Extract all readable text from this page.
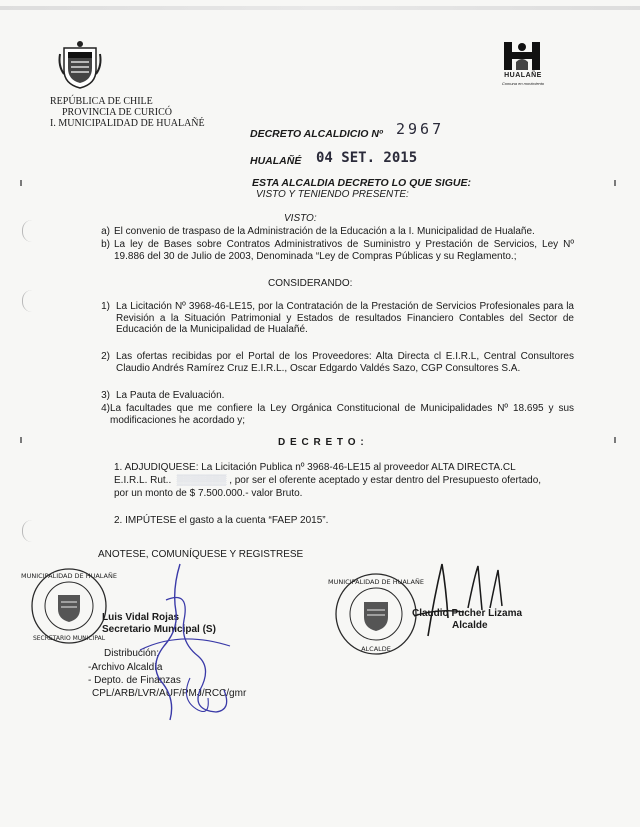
REPÚBLICA DE CHILE
PROVINCIA DE CURICÓ
I. MUNICIPALIDAD DE HUALAÑÉ
HUALAÑE
Comuna en movimiento
DECRETO ALCALDICIO Nº 2967
HUALAÑÉ 04 SET. 2015
ESTA ALCALDIA DECRETO LO QUE SIGUE:
VISTO Y TENIENDO PRESENTE:
VISTO:
a) El convenio de traspaso de la Administración de la Educación a la I. Municipalidad de Hualañe.
b) La ley de Bases sobre Contratos Administrativos de Suministro y Prestación de Servicios, Ley Nº 19.886 del 30 de Julio de 2003, Denominada “Ley de Compras Públicas y su Reglamento.;
CONSIDERANDO:
1) La Licitación Nº 3968-46-LE15, por la Contratación de la Prestación de Servicios Profesionales para la Revisión a la Situación Patrimonial y Estados de resultados Financiero Contables del Sector de Educación de la Municipalidad de Hualañé.
2) Las ofertas recibidas por el Portal de los Proveedores: Alta Directa cl E.I.R.L, Central Consultores Claudio Andrés Ramírez Cruz E.I.R.L., Oscar Edgardo Valdés Sazo, CGP Consultores S.A.
3) La Pauta de Evaluación.
4) La facultades que me confiere la Ley Orgánica Constitucional de Municipalidades Nº 18.695 y sus modificaciones he acordado y;
D E C R E T O :
1. ADJUDIQUESE: La Licitación Publica nº 3968-46-LE15 al proveedor ALTA DIRECTA.CL
E.I.R.L. Rut..  ▒▒▒▒▒▒▒ , por ser el oferente aceptado y estar dentro del Presupuesto ofertado,
por un monto de $ 7.500.000.- valor Bruto.
2. IMPÚTESE el gasto a la cuenta “FAEP 2015”.
ANOTESE, COMUNÍQUESE Y REGISTRESE
MUNICIPALIDAD DE HUALAÑE
SECRETARIO MUNICIPAL
MUNICIPALIDAD DE HUALAÑE
ALCALDE
Luis Vidal Rojas
Secretario Municipal (S)
Claudio Pucher Lizama
Alcalde
Distribución:
-Archivo Alcaldía
- Depto. de Finanzas
CPL/ARB/LVR/AUF/PMJ/RCC/gmr
